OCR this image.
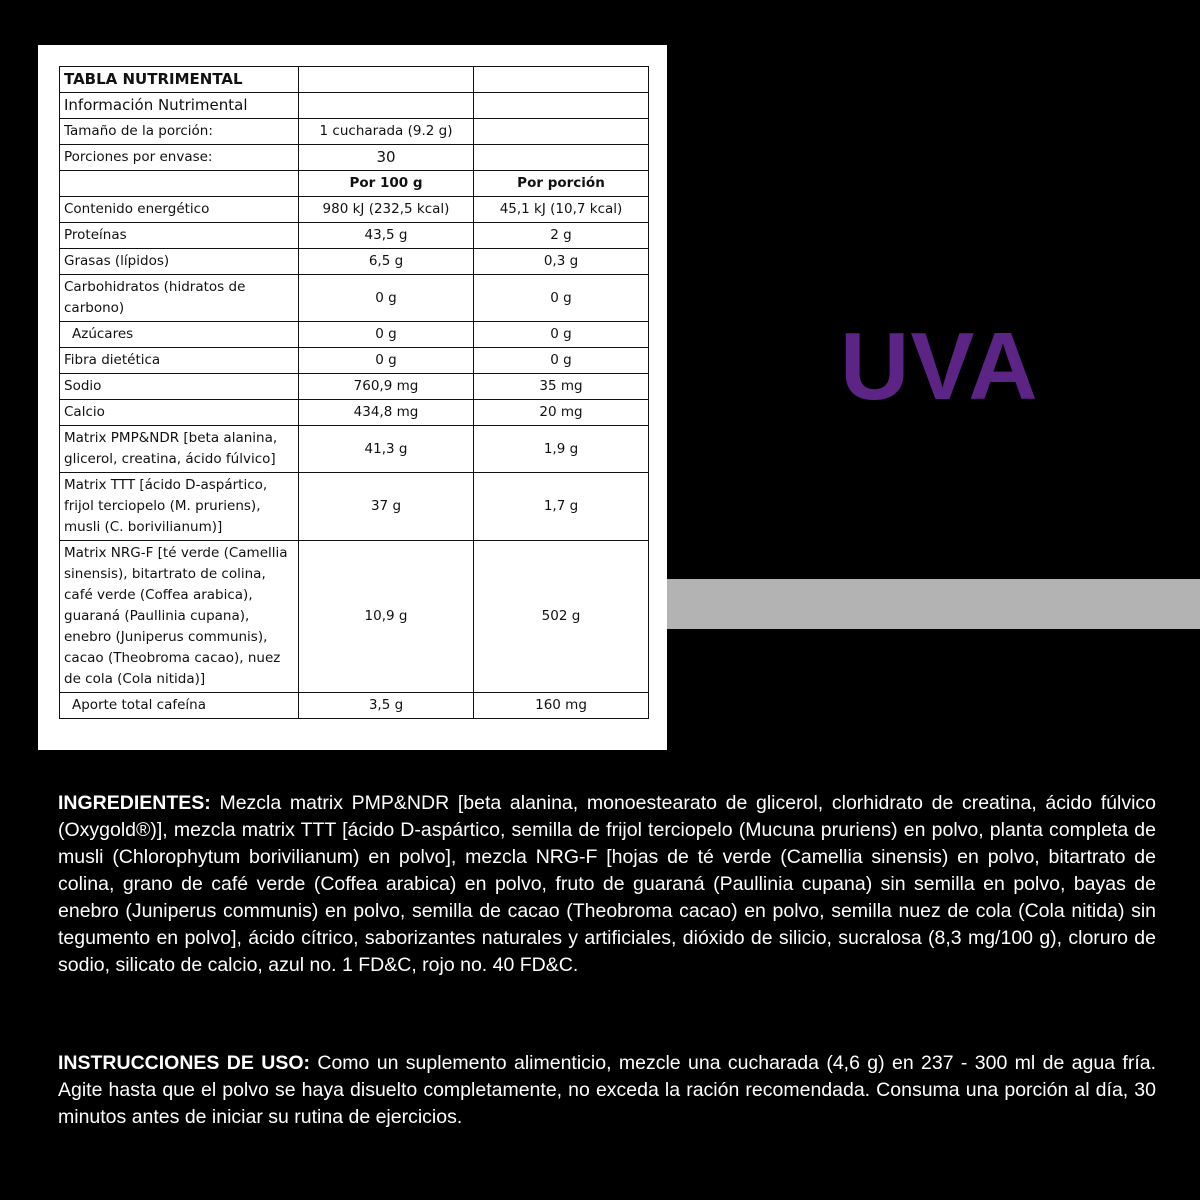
TABLA NUTRIMENTAL		
Información Nutrimental		
Tamaño de la porción:	1 cucharada (9.2 g)	
Porciones por envase:	30	
	Por 100 g	Por porción
Contenido energético	980 kJ (232,5 kcal)	45,1 kJ (10,7 kcal)
Proteínas	43,5 g	2 g
Grasas (lípidos)	6,5 g	0,3 g
Carbohidratos (hidratos de carbono)	0 g	0 g
Azúcares	0 g	0 g
Fibra dietética	0 g	0 g
Sodio	760,9 mg	35 mg
Calcio	434,8 mg	20 mg
Matrix PMP&NDR [beta alanina, glicerol, creatina, ácido fúlvico]	41,3 g	1,9 g
Matrix TTT [ácido D-aspártico, frijol terciopelo (M. pruriens), musli (C. borivilianum)]	37 g	1,7 g
Matrix NRG-F [té verde (Camellia sinensis), bitartrato de colina, café verde (Coffea arabica), guaraná (Paullinia cupana), enebro (Juniperus communis), cacao (Theobroma cacao), nuez de cola (Cola nitida)]	10,9 g	502 g
Aporte total cafeína	3,5 g	160 mg
UVA
INGREDIENTES: Mezcla matrix PMP&NDR [beta alanina, monoestearato de glicerol, clorhidrato de creatina, ácido fúlvico (Oxygold®)], mezcla matrix TTT [ácido D-aspártico, semilla de frijol terciopelo (Mucuna pruriens) en polvo, planta completa de musli (Chlorophytum borivilianum) en polvo], mezcla NRG-F [hojas de té verde (Camellia sinensis) en polvo, bitartrato de colina, grano de café verde (Coffea arabica) en polvo, fruto de guaraná (Paullinia cupana) sin semilla en polvo, bayas de enebro (Juniperus communis) en polvo, semilla de cacao (Theobroma cacao) en polvo, semilla nuez de cola (Cola nitida) sin tegumento en polvo], ácido cítrico, saborizantes naturales y artificiales, dióxido de silicio, sucralosa (8,3 mg/100 g), cloruro de sodio, silicato de calcio, azul no. 1 FD&C, rojo no. 40 FD&C.
INSTRUCCIONES DE USO: Como un suplemento alimenticio, mezcle una cucharada (4,6 g) en 237 - 300 ml de agua fría. Agite hasta que el polvo se haya disuelto completamente, no exceda la ración recomendada. Consuma una porción al día, 30 minutos antes de iniciar su rutina de ejercicios.
